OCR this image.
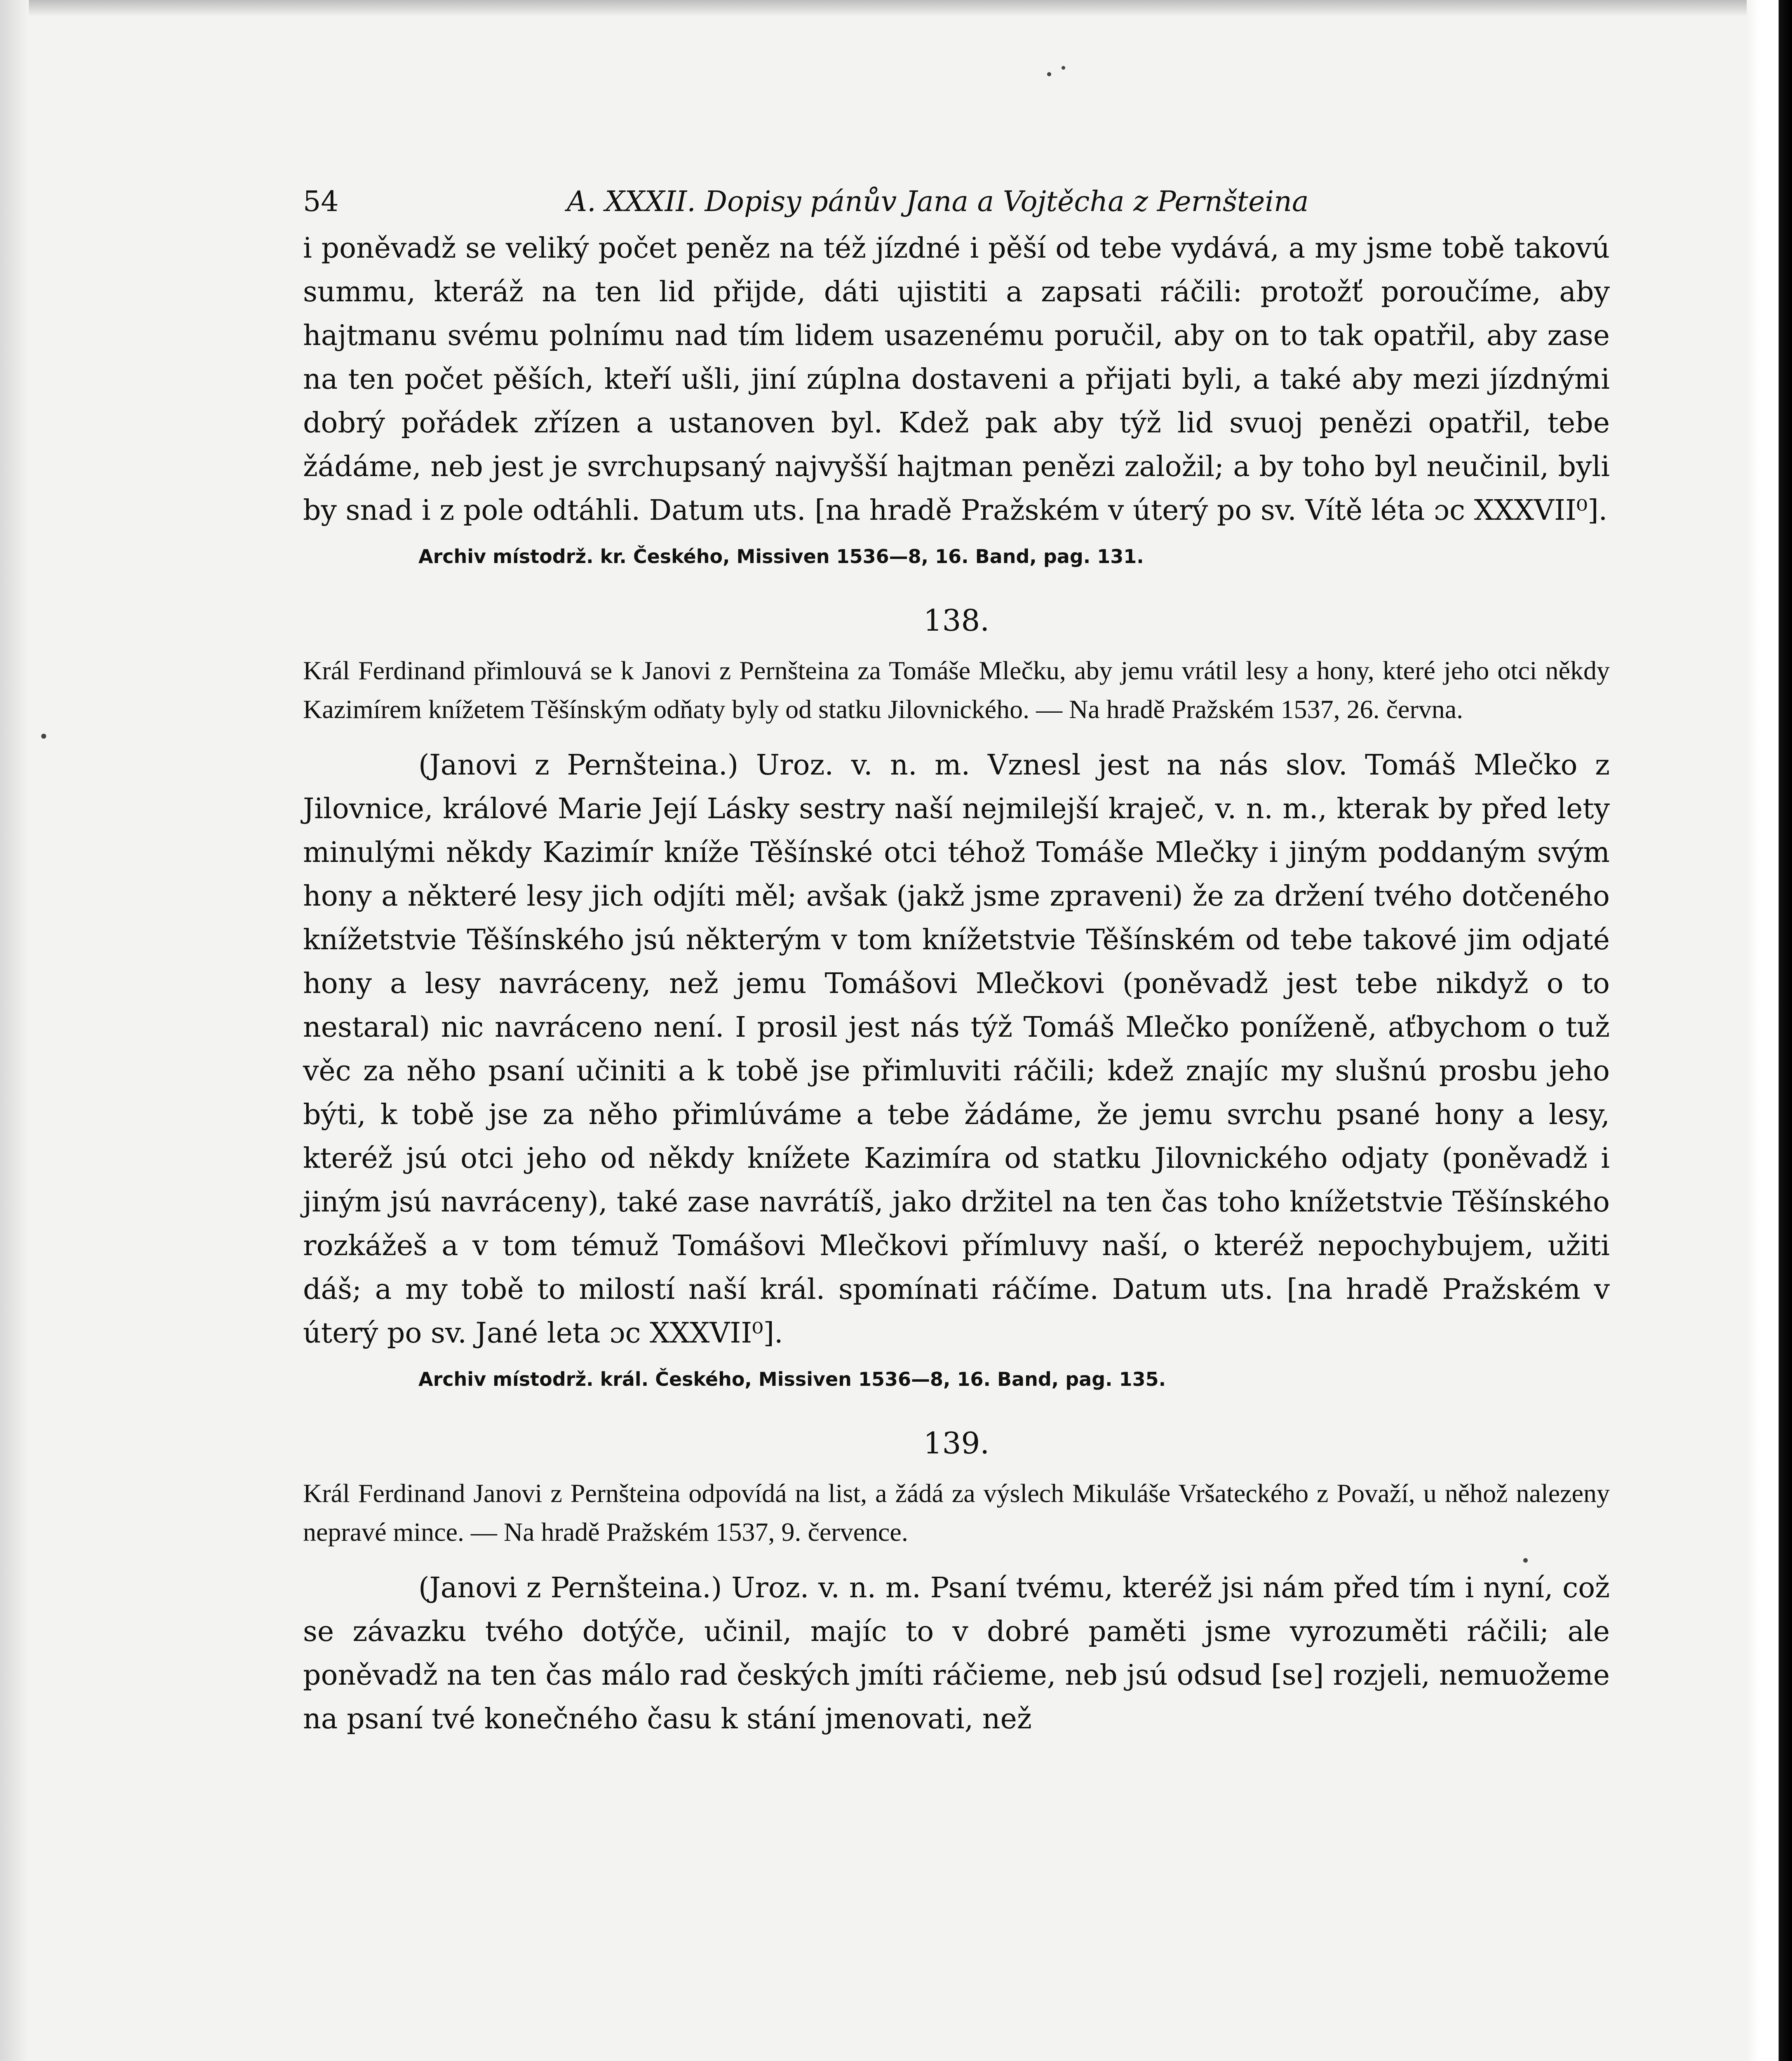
54	A. XXXII. Dopisy pánův Jana a Vojtěcha z Pernšteina

i poněvadž se veliký počet peněz na též jízdné i pěší od tebe vydává, a my jsme tobě takovú summu, kteráž na ten lid přijde, dáti ujistiti a zapsati ráčili: protožť poroučíme, aby hajtmanu svému polnímu nad tím lidem usazenému poručil, aby on to tak opatřil, aby zase na ten počet pěších, kteří ušli, jiní zúplna dostaveni a přijati byli, a také aby mezi jízdnými dobrý pořádek zřízen a ustanoven byl. Kdež pak aby týž lid svuoj penězi opatřil, tebe žádáme, neb jest je svrchupsaný najvyšší hajtman penězi založil; a by toho byl neučinil, byli by snad i z pole odtáhli. Datum uts. [na hradě Pražském v úterý po sv. Vítě léta ɔc XXXVII⁰].

Archiv místodrž. kr. Českého, Missiven 1536—8, 16. Band, pag. 131.
138.

Král Ferdinand přimlouvá se k Janovi z Pernšteina za Tomáše Mlečku, aby jemu vrátil lesy a hony, které jeho otci někdy Kazimírem knížetem Těšínským odňaty byly od statku Jilovnického. — Na hradě Pražském 1537, 26. června.

(Janovi z Pernšteina.) Uroz. v. n. m. Vznesl jest na nás slov. Tomáš Mlečko z Jilovnice, králové Marie Její Lásky sestry naší nejmilejší kraječ, v. n. m., kterak by před lety minulými někdy Kazimír kníže Těšínské otci téhož Tomáše Mlečky i jiným poddaným svým hony a některé lesy jich odjíti měl; avšak (jakž jsme zpraveni) že za držení tvého dotčeného knížetstvie Těšínského jsú některým v tom knížetstvie Těšínském od tebe takové jim odjaté hony a lesy navráceny, než jemu Tomášovi Mlečkovi (poněvadž jest tebe nikdyž o to nestaral) nic navráceno není. I prosil jest nás týž Tomáš Mlečko poníženě, aťbychom o tuž věc za něho psaní učiniti a k tobě jse přimluviti ráčili; kdež znajíc my slušnú prosbu jeho býti, k tobě jse za něho přimlúváme a tebe žádáme, že jemu svrchu psané hony a lesy, kteréž jsú otci jeho od někdy knížete Kazimíra od statku Jilovnického odjaty (poněvadž i jiným jsú navráceny), také zase navrátíš, jako držitel na ten čas toho knížetstvie Těšínského rozkážeš a v tom témuž Tomášovi Mlečkovi přímluvy naší, o kteréž nepochybujem, užiti dáš; a my tobě to milostí naší král. spomínati ráčíme. Datum uts. [na hradě Pražském v úterý po sv. Jané leta ɔc XXXVII⁰].

Archiv místodrž. král. Českého, Missiven 1536—8, 16. Band, pag. 135.
139.

Král Ferdinand Janovi z Pernšteina odpovídá na list, a žádá za výslech Mikuláše Vršateckého z Považí, u něhož nalezeny nepravé mince. — Na hradě Pražském 1537, 9. července.

(Janovi z Pernšteina.) Uroz. v. n. m. Psaní tvému, kteréž jsi nám před tím i nyní, což se závazku tvého dotýče, učinil, majíc to v dobré paměti jsme vyrozuměti ráčili; ale poněvadž na ten čas málo rad českých jmíti ráčieme, neb jsú odsud [se] rozjeli, nemuožeme na psaní tvé konečného času k stání jmenovati, než
